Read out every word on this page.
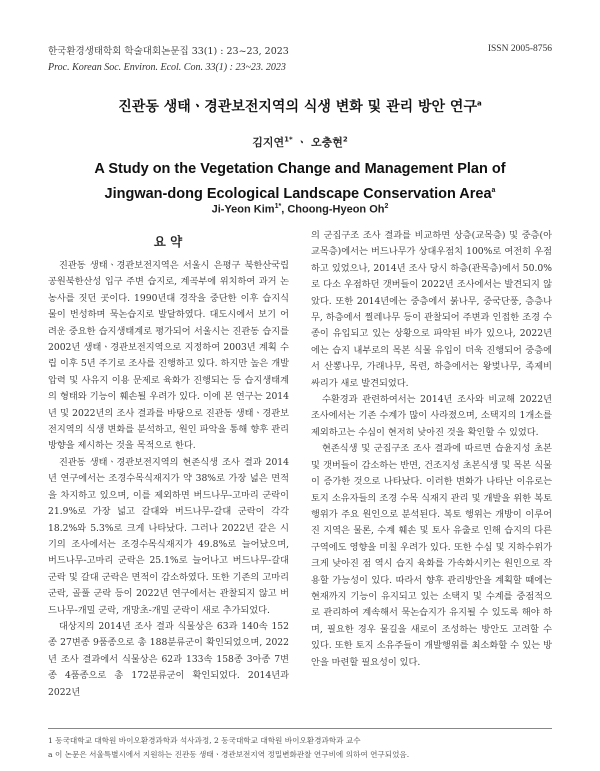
한국환경생태학회 학술대회논문집 33(1) : 23~23, 2023
Proc. Korean Soc. Environ. Ecol. Con. 33(1) : 23~23. 2023
ISSN 2005-8756
진관동 생태ㆍ경관보전지역의 식생 변화 및 관리 방안 연구$^a$
김지연$^{1*}$ ㆍ 오충현$^2$
A Study on the Vegetation Change and Management Plan of
Jingwan-dong Ecological Landscape Conservation Area$^a$
Ji-Yeon Kim$^{1*}$, Choong-Hyeon Oh$^2$
요 약

진관동 생태ㆍ경관보전지역은 서울시 은평구 북한산국립공원북한산성 입구 주변 습지로, 계곡부에 위치하여 과거 논농사를 짓던 곳이다. 1990년대 경작을 중단한 이후 습지식물이 번성하며 묵논습지로 발달하였다. 대도시에서 보기 어려운 중요한 습지생태계로 평가되어 서울시는 진관동 습지를 2002년 생태ㆍ경관보전지역으로 지정하여 2003년 계획 수립 이후 5년 주기로 조사를 진행하고 있다. 하지만 높은 개발압력 및 사유지 이용 문제로 육화가 진행되는 등 습지생태계의 형태와 기능이 훼손될 우려가 있다. 이에 본 연구는 2014년 및 2022년의 조사 결과를 바탕으로 진관동 생태ㆍ경관보전지역의 식생 변화를 분석하고, 원인 파악을 통해 향후 관리 방향을 제시하는 것을 목적으로 한다.

진관동 생태ㆍ경관보전지역의 현존식생 조사 결과 2014년 연구에서는 조경수목식재지가 약 38%로 가장 넓은 면적을 차지하고 있으며, 이를 제외하면 버드나무-고마리 군락이 21.9%로 가장 넓고 갈대와 버드나무-갈대 군락이 각각 18.2%와 5.3%로 크게 나타났다. 그러나 2022년 같은 시기의 조사에서는 조경수목식재지가 49.8%로 늘어났으며, 버드나무-고마리 군락은 25.1%로 늘어나고 버드나무-갈대 군락 및 갈대 군락은 면적이 감소하였다. 또한 기존의 고마리 군락, 골풀 군락 등이 2022년 연구에서는 관찰되지 않고 버드나무-개밀 군락, 개망초-개밀 군락이 새로 추가되었다.

대상지의 2014년 조사 결과 식물상은 63과 140속 152종 27변종 9품종으로 총 188분류군이 확인되었으며, 2022년 조사 결과에서 식물상은 62과 133속 158종 3아종 7변종 4품종으로 총 172분류군이 확인되었다. 2014년과 2022년

의 군집구조 조사 결과를 비교하면 상층(교목층) 및 중층(아교목층)에서는 버드나무가 상대우점치 100%로 여전히 우점하고 있었으나, 2014년 조사 당시 하층(관목층)에서 50.0%로 다소 우점하던 갯버들이 2022년 조사에서는 발견되지 않았다. 또한 2014년에는 중층에서 붉나무, 중국단풍, 층층나무, 하층에서 찔레나무 등이 관찰되어 주변과 인접한 조경 수종이 유입되고 있는 상황으로 파악된 바가 있으나, 2022년에는 습지 내부로의 목본 식물 유입이 더욱 진행되어 중층에서 산뽕나무, 가래나무, 목련, 하층에서는 왕벚나무, 족제비싸리가 새로 발견되었다.

수환경과 관련하여서는 2014년 조사와 비교해 2022년 조사에서는 기존 수계가 많이 사라졌으며, 소택지의 1개소를 제외하고는 수심이 현저히 낮아진 것을 확인할 수 있었다.

현존식생 및 군집구조 조사 결과에 따르면 습윤지성 초본 및 갯버들이 감소하는 반면, 건조지성 초본식생 및 목본 식물이 증가한 것으로 나타났다. 이러한 변화가 나타난 이유로는 토지 소유자들의 조경 수목 식재지 관리 및 개발을 위한 복토 행위가 주요 원인으로 분석된다. 복토 행위는 개방이 이루어진 지역은 물론, 수계 훼손 및 토사 유출로 인해 습지의 다른 구역에도 영향을 미칠 우려가 있다. 또한 수심 및 지하수위가 크게 낮아진 점 역시 습지 육화를 가속화시키는 원인으로 작용할 가능성이 있다. 따라서 향후 관리방안을 계획할 때에는 현재까지 기능이 유지되고 있는 소택지 및 수계를 중점적으로 관리하여 계속해서 묵논습지가 유지될 수 있도록 해야 하며, 필요한 경우 물길을 새로이 조성하는 방안도 고려할 수 있다. 또한 토지 소유주들이 개발행위를 최소화할 수 있는 방안을 마련할 필요성이 있다.

1 동국대학교 대학원 바이오환경과학과 석사과정, 2 동국대학교 대학원 바이오환경과학과 교수
a 이 논문은 서울특별시에서 지원하는 진관동 생태ㆍ경관보전지역 정밀변화관찰 연구비에 의하여 연구되었음.
